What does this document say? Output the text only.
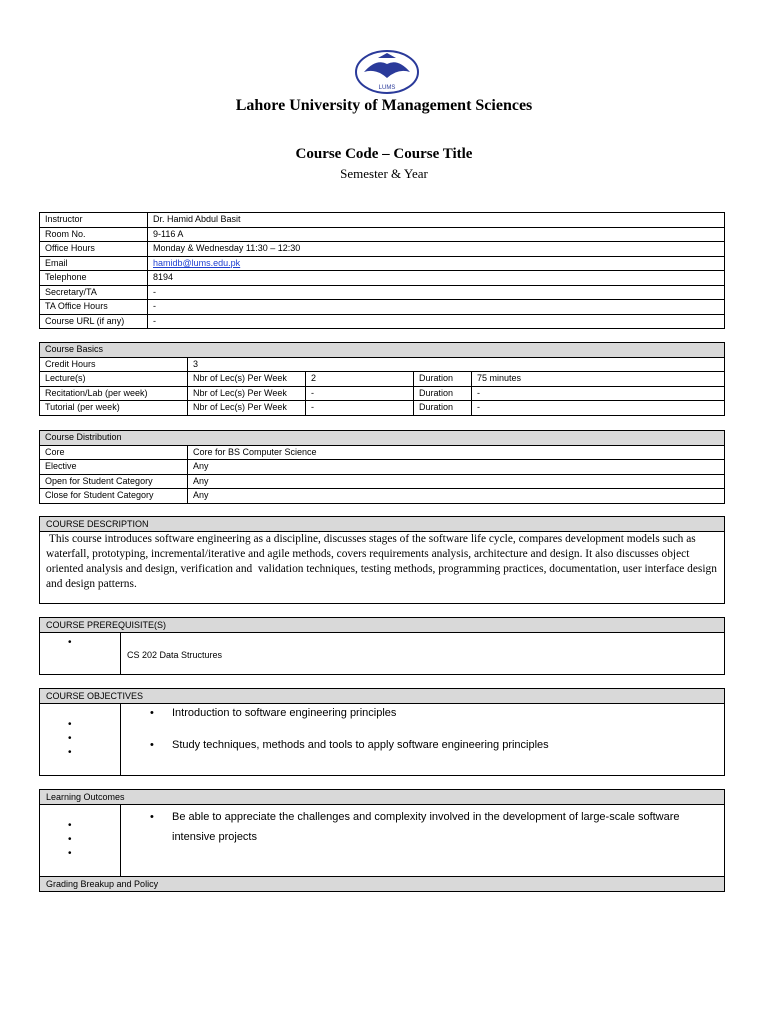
LUMS
Lahore University of Management Sciences
Course Code – Course Title
Semester & Year
Instructor	Dr. Hamid Abdul Basit
Room No.	9-116 A
Office Hours	Monday & Wednesday 11:30 – 12:30
Email	hamidb@lums.edu.pk
Telephone	8194
Secretary/TA	-
TA Office Hours	-
Course URL (if any)	-
Course Basics				
Credit Hours	3			
Lecture(s)	Nbr of Lec(s) Per Week	2	Duration	75 minutes
Recitation/Lab (per week)	Nbr of Lec(s) Per Week	-	Duration	-
Tutorial (per week)	Nbr of Lec(s) Per Week	-	Duration	-
Course Distribution	
Core	Core for BS Computer Science
Elective	Any
Open for Student Category	Any
Close for Student Category	Any
COURSE DESCRIPTION
This course introduces software engineering as a discipline, discusses stages of the software life cycle, compares development models such as waterfall, prototyping, incremental/iterative and agile methods, covers requirements analysis, architecture and design. It also discusses object oriented analysis and design, verification and  validation techniques, testing methods, programming practices, documentation, user interface design and design patterns.
COURSE PREREQUISITE(S)
•
CS 202 Data Structures
COURSE OBJECTIVES
•
•
•
• Introduction to software engineering principles
• Study techniques, methods and tools to apply software engineering principles
Learning Outcomes
•
•
•
• Be able to appreciate the challenges and complexity involved in the development of large-scale software intensive projects
Grading Breakup and Policy
